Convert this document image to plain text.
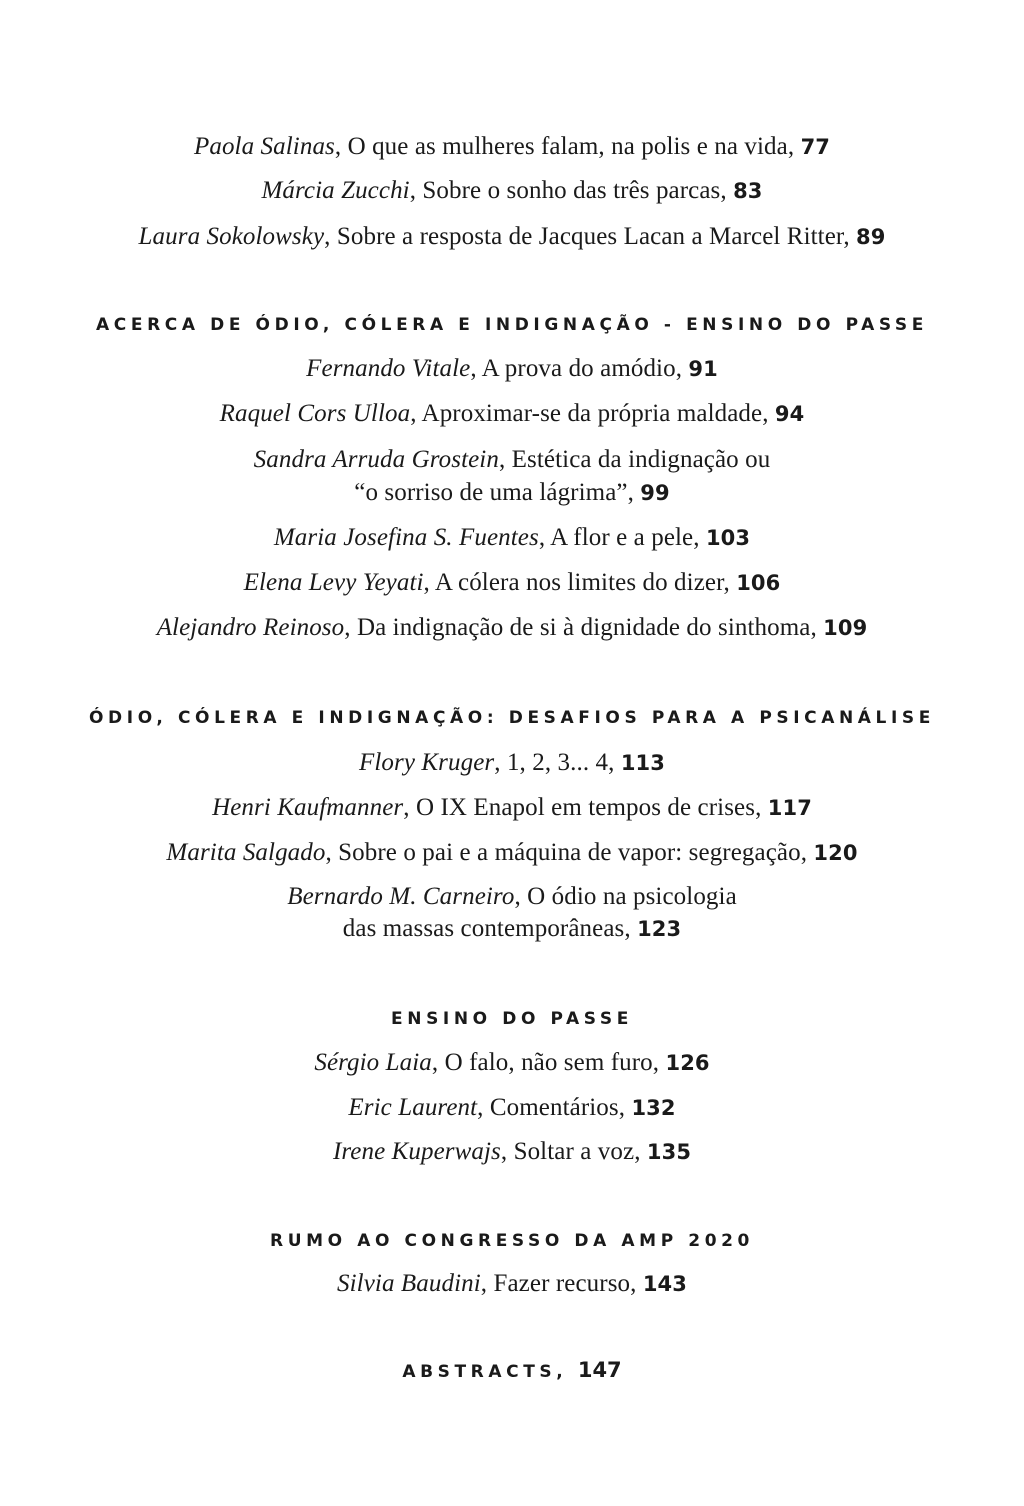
Paola Salinas, O que as mulheres falam, na polis e na vida, 77
Márcia Zucchi, Sobre o sonho das três parcas, 83
Laura Sokolowsky, Sobre a resposta de Jacques Lacan a Marcel Ritter, 89
ACERCA DE ÓDIO, CÓLERA E INDIGNAÇÃO - ENSINO DO PASSE
Fernando Vitale, A prova do amódio, 91
Raquel Cors Ulloa, Aproximar-se da própria maldade, 94
Sandra Arruda Grostein, Estética da indignação ou
“o sorriso de uma lágrima”, 99
Maria Josefina S. Fuentes, A flor e a pele, 103
Elena Levy Yeyati, A cólera nos limites do dizer, 106
Alejandro Reinoso, Da indignação de si à dignidade do sinthoma, 109
ÓDIO, CÓLERA E INDIGNAÇÃO: DESAFIOS PARA A PSICANÁLISE
Flory Kruger, 1, 2, 3... 4, 113
Henri Kaufmanner, O IX Enapol em tempos de crises, 117
Marita Salgado, Sobre o pai e a máquina de vapor: segregação, 120
Bernardo M. Carneiro, O ódio na psicologia
das massas contemporâneas, 123
ENSINO DO PASSE
Sérgio Laia, O falo, não sem furo, 126
Eric Laurent, Comentários, 132
Irene Kuperwajs, Soltar a voz, 135
RUMO AO CONGRESSO DA AMP 2020
Silvia Baudini, Fazer recurso, 143
ABSTRACTS, 147
